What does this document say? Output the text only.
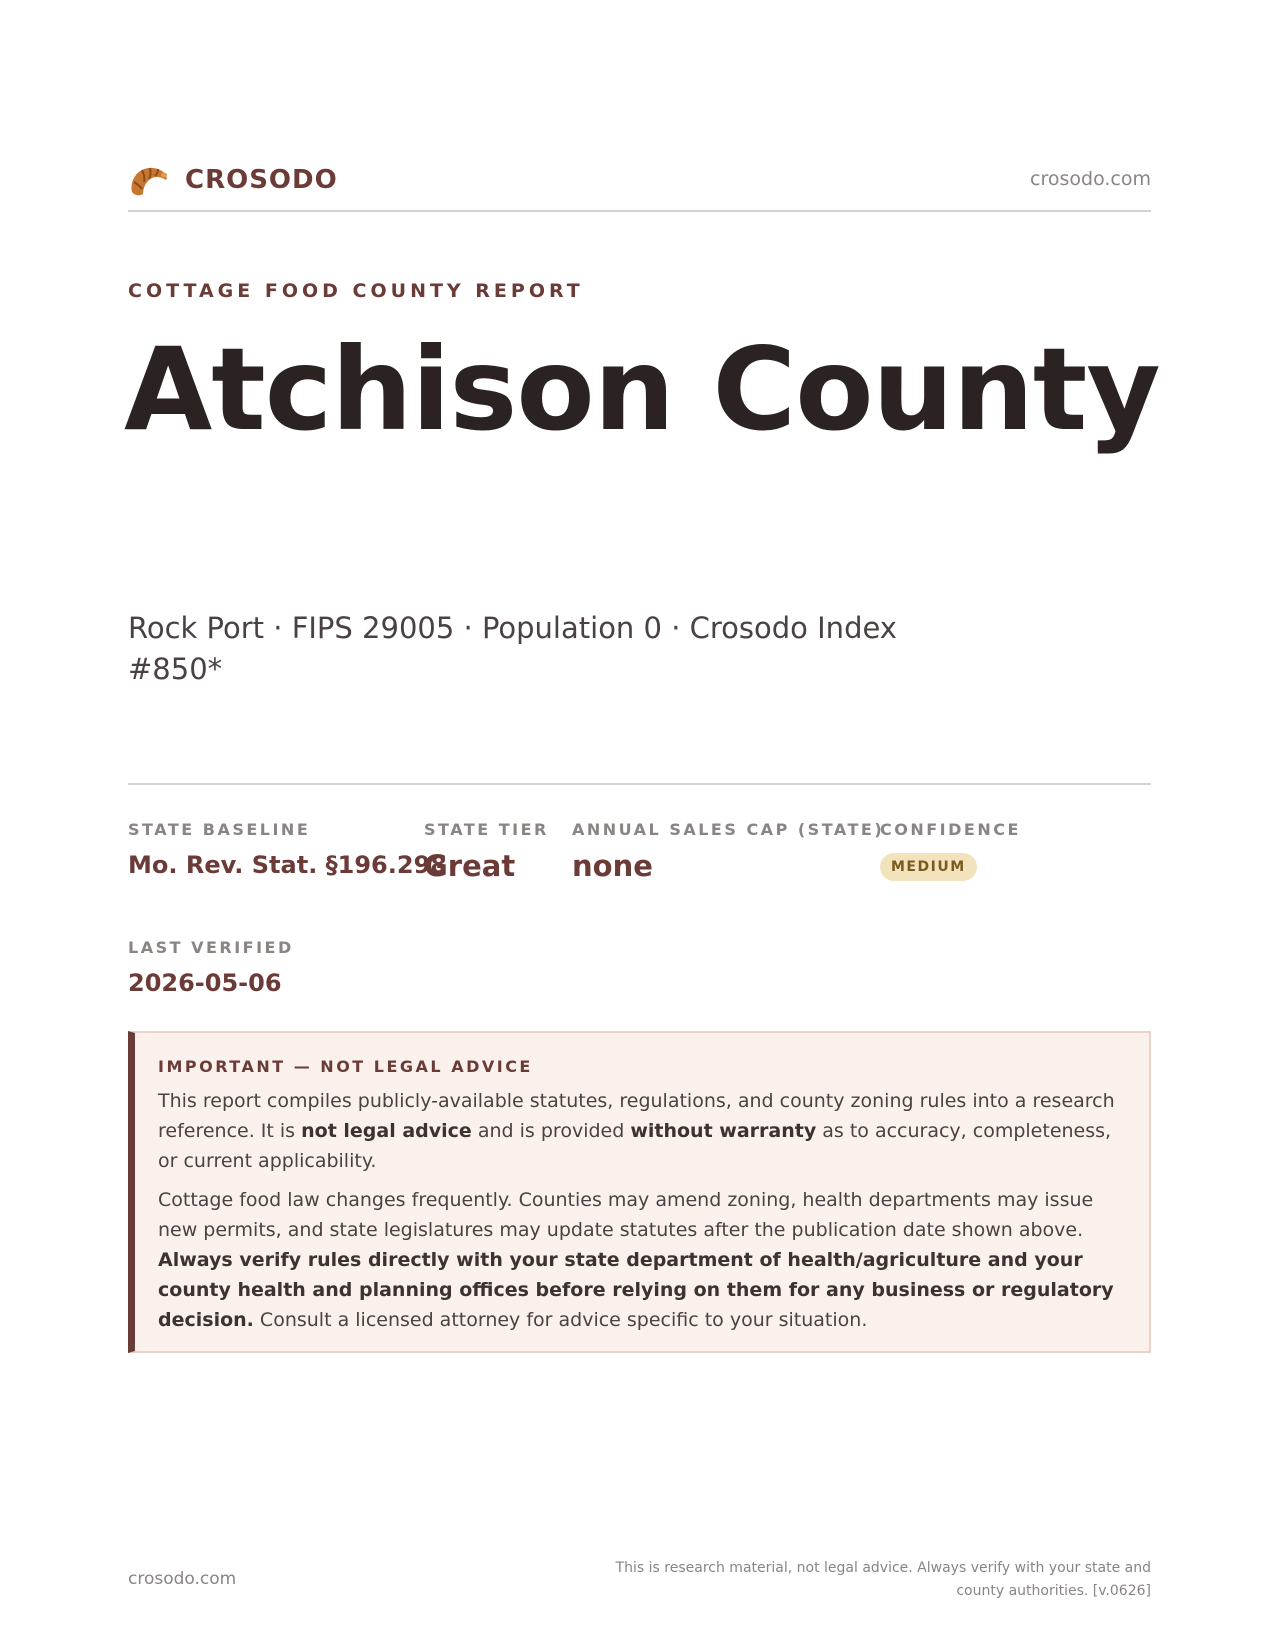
CROSODO	crosodo.com
COTTAGE FOOD COUNTY REPORT
Atchison County
Rock Port · FIPS 29005 · Population 0 · Crosodo Index #850*
STATE BASELINE
Mo. Rev. Stat. §196.298
STATE TIER
Great
ANNUAL SALES CAP (STATE)
none
CONFIDENCE
MEDIUM
LAST VERIFIED
2026-05-06
IMPORTANT — NOT LEGAL ADVICE
This report compiles publicly-available statutes, regulations, and county zoning rules into a research reference. It is not legal advice and is provided without warranty as to accuracy, completeness, or current applicability.
Cottage food law changes frequently. Counties may amend zoning, health departments may issue new permits, and state legislatures may update statutes after the publication date shown above. Always verify rules directly with your state department of health/agriculture and your county health and planning offices before relying on them for any business or regulatory decision. Consult a licensed attorney for advice specific to your situation.
crosodo.com
This is research material, not legal advice. Always verify with your state and county authorities. [v.0626]
